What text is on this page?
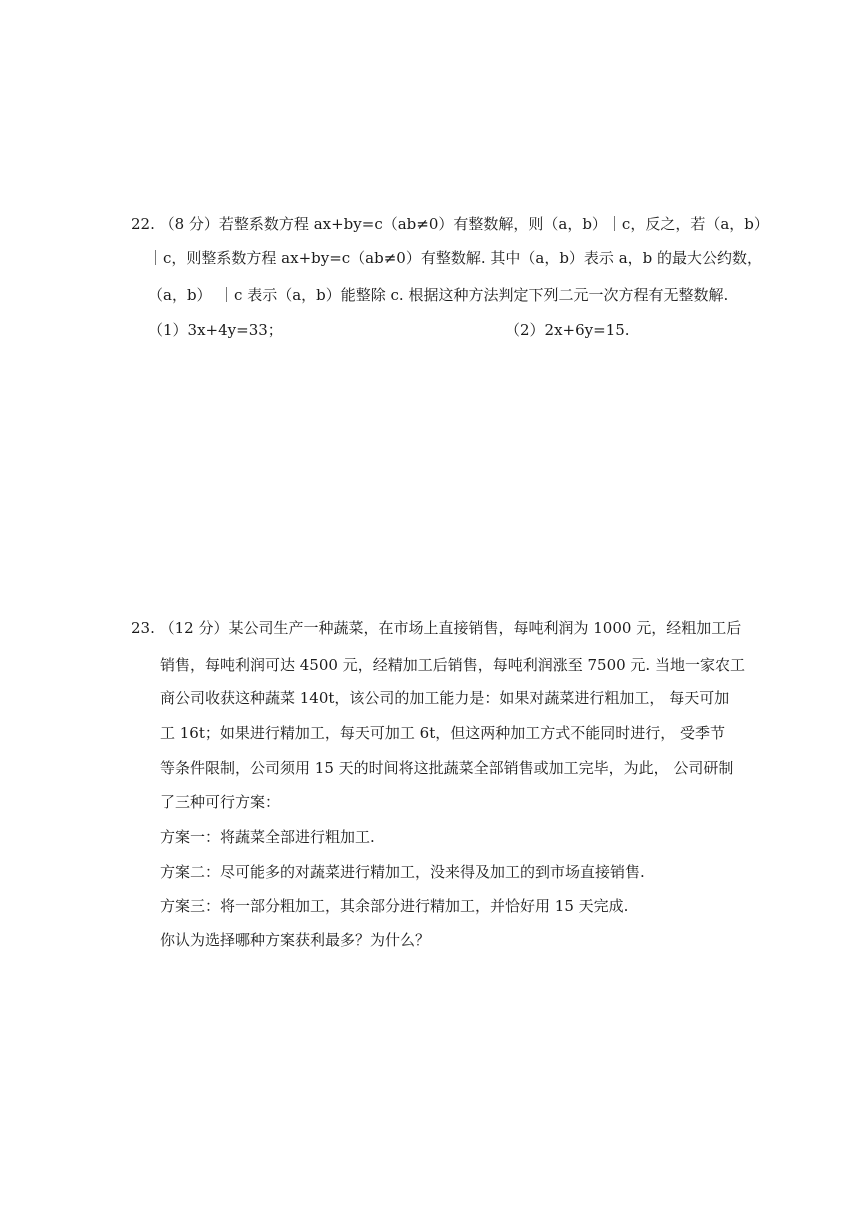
22. （8 分）若整系数方程 ax+by=c（ab≠0）有整数解，则（a，b）｜c，反之，若（a，b）
｜c，则整系数方程 ax+by=c（ab≠0）有整数解. 其中（a，b）表示 a，b 的最大公约数，
（a，b）　｜c 表示（a，b）能整除 c. 根据这种方法判定下列二元一次方程有无整数解.
（1）3x+4y=33；	（2）2x+6y=15.
23. （12 分）某公司生产一种蔬菜，在市场上直接销售，每吨利润为 1000 元，经粗加工后
销售，每吨利润可达 4500 元，经精加工后销售，每吨利润涨至 7500 元. 当地一家农工
商公司收获这种蔬菜 140t，该公司的加工能力是：如果对蔬菜进行粗加工， 每天可加
工 16t；如果进行精加工，每天可加工 6t，但这两种加工方式不能同时进行， 受季节
等条件限制，公司须用 15 天的时间将这批蔬菜全部销售或加工完毕，为此， 公司研制
了三种可行方案：
方案一：将蔬菜全部进行粗加工.
方案二：尽可能多的对蔬菜进行精加工，没来得及加工的到市场直接销售.
方案三：将一部分粗加工，其余部分进行精加工，并恰好用 15 天完成.
你认为选择哪种方案获利最多？为什么？
